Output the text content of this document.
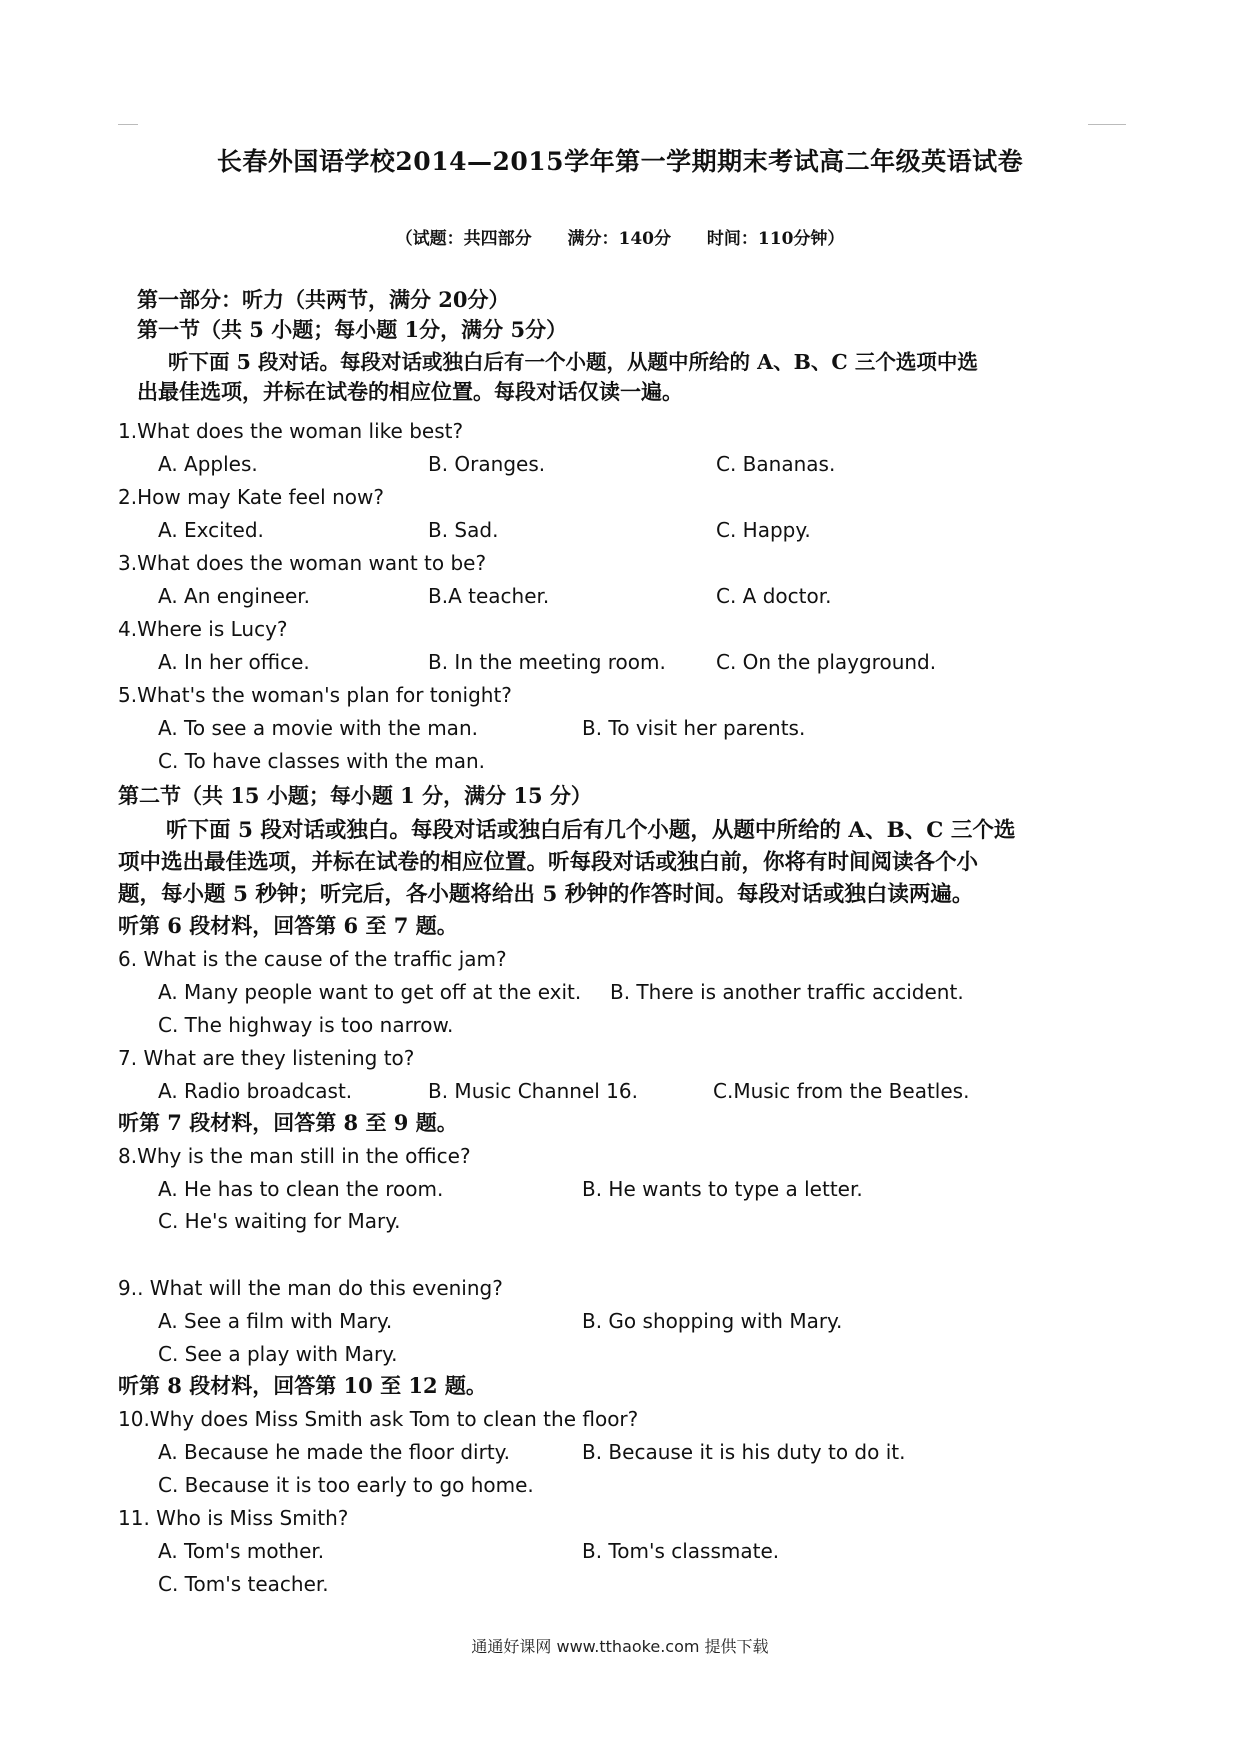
长春外国语学校2014—2015学年第一学期期末考试高二年级英语试卷
（试题：共四部分 满分：140分 时间：110分钟）
第一部分：听力（共两节，满分 20分）
第一节（共 5 小题；每小题 1分，满分 5分）
听下面 5 段对话。每段对话或独白后有一个小题，从题中所给的 A、B、C 三个选项中选
出最佳选项，并标在试卷的相应位置。每段对话仅读一遍。
1.What does the woman like best?
A. Apples.	B. Oranges.	C. Bananas.
2.How may Kate feel now?
A. Excited.	B. Sad.	C. Happy.
3.What does the woman want to be?
A. An engineer.	B.A teacher.	C. A doctor.
4.Where is Lucy?
A. In her office.	B. In the meeting room.	C. On the playground.
5.What's the woman's plan for tonight?
A. To see a movie with the man.	B. To visit her parents.
C. To have classes with the man.
第二节（共 15 小题；每小题 1 分，满分 15 分）
听下面 5 段对话或独白。每段对话或独白后有几个小题，从题中所给的 A、B、C 三个选
项中选出最佳选项，并标在试卷的相应位置。听每段对话或独白前，你将有时间阅读各个小
题，每小题 5 秒钟；听完后，各小题将给出 5 秒钟的作答时间。每段对话或独白读两遍。
听第 6 段材料，回答第 6 至 7 题。
6. What is the cause of the traffic jam?
A. Many people want to get off at the exit. B. There is another traffic accident.
C. The highway is too narrow.
7. What are they listening to?
A. Radio broadcast.	B. Music Channel 16.	C.Music from the Beatles.
听第 7 段材料，回答第 8 至 9 题。
8.Why is the man still in the office?
A. He has to clean the room.	B. He wants to type a letter.
C. He's waiting for Mary.
9.. What will the man do this evening?
A. See a film with Mary.	B. Go shopping with Mary.
C. See a play with Mary.
听第 8 段材料，回答第 10 至 12 题。
10.Why does Miss Smith ask Tom to clean the floor?
A. Because he made the floor dirty.	B. Because it is his duty to do it.
C. Because it is too early to go home.
11. Who is Miss Smith?
A. Tom's mother.	B. Tom's classmate.
C. Tom's teacher.
通通好课网 www.tthaoke.com 提供下载
